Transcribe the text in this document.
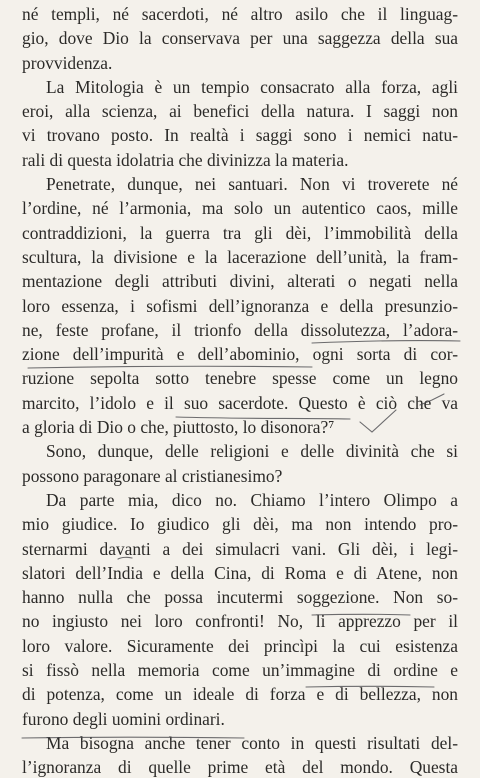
né templi, né sacerdoti, né altro asilo che il linguag-
gio, dove Dio la conservava per una saggezza della sua
provvidenza.
La Mitologia è un tempio consacrato alla forza, agli
eroi, alla scienza, ai benefici della natura. I saggi non
vi trovano posto. In realtà i saggi sono i nemici natu-
rali di questa idolatria che divinizza la materia.
Penetrate, dunque, nei santuari. Non vi troverete né
l’ordine, né l’armonia, ma solo un autentico caos, mille
contraddizioni, la guerra tra gli dèi, l’immobilità della
scultura, la divisione e la lacerazione dell’unità, la fram-
mentazione degli attributi divini, alterati o negati nella
loro essenza, i sofismi dell’ignoranza e della presunzio-
ne, feste profane, il trionfo della dissolutezza, l’adora-
zione dell’impurità e dell’abominio, ogni sorta di cor-
ruzione sepolta sotto tenebre spesse come un legno
marcito, l’idolo e il suo sacerdote. Questo è ciò che va
a gloria di Dio o che, piuttosto, lo disonora?⁷
Sono, dunque, delle religioni e delle divinità che si
possono paragonare al cristianesimo?
Da parte mia, dico no. Chiamo l’intero Olimpo a
mio giudice. Io giudico gli dèi, ma non intendo pro-
sternarmi davanti a dei simulacri vani. Gli dèi, i legi-
slatori dell’India e della Cina, di Roma e di Atene, non
hanno nulla che possa incutermi soggezione. Non so-
no ingiusto nei loro confronti! No, li apprezzo per il
loro valore. Sicuramente dei princìpi la cui esistenza
si fissò nella memoria come un’immagine di ordine e
di potenza, come un ideale di forza e di bellezza, non
furono degli uomini ordinari.
Ma bisogna anche tener conto in questi risultati del-
l’ignoranza di quelle prime età del mondo. Questa
